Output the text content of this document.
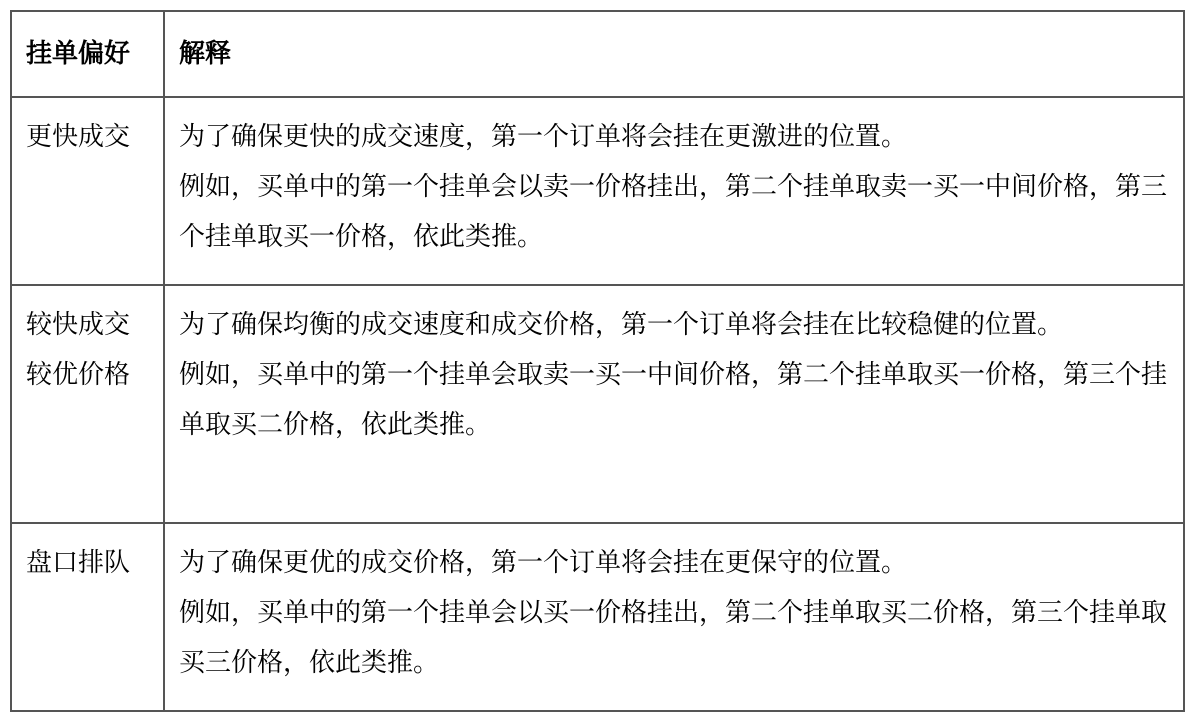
挂单偏好	解释
更快成交	为了确保更快的成交速度，第一个订单将会挂在更激进的位置。
例如，买单中的第一个挂单会以卖一价格挂出，第二个挂单取卖一买一中间价格，第三个挂单取买一价格，依此类推。

较快成交
较优价格	为了确保均衡的成交速度和成交价格，第一个订单将会挂在比较稳健的位置。
例如，买单中的第一个挂单会取卖一买一中间价格，第二个挂单取买一价格，第三个挂单取买二价格，依此类推。

盘口排队	为了确保更优的成交价格，第一个订单将会挂在更保守的位置。
例如，买单中的第一个挂单会以买一价格挂出，第二个挂单取买二价格，第三个挂单取买三价格，依此类推。
